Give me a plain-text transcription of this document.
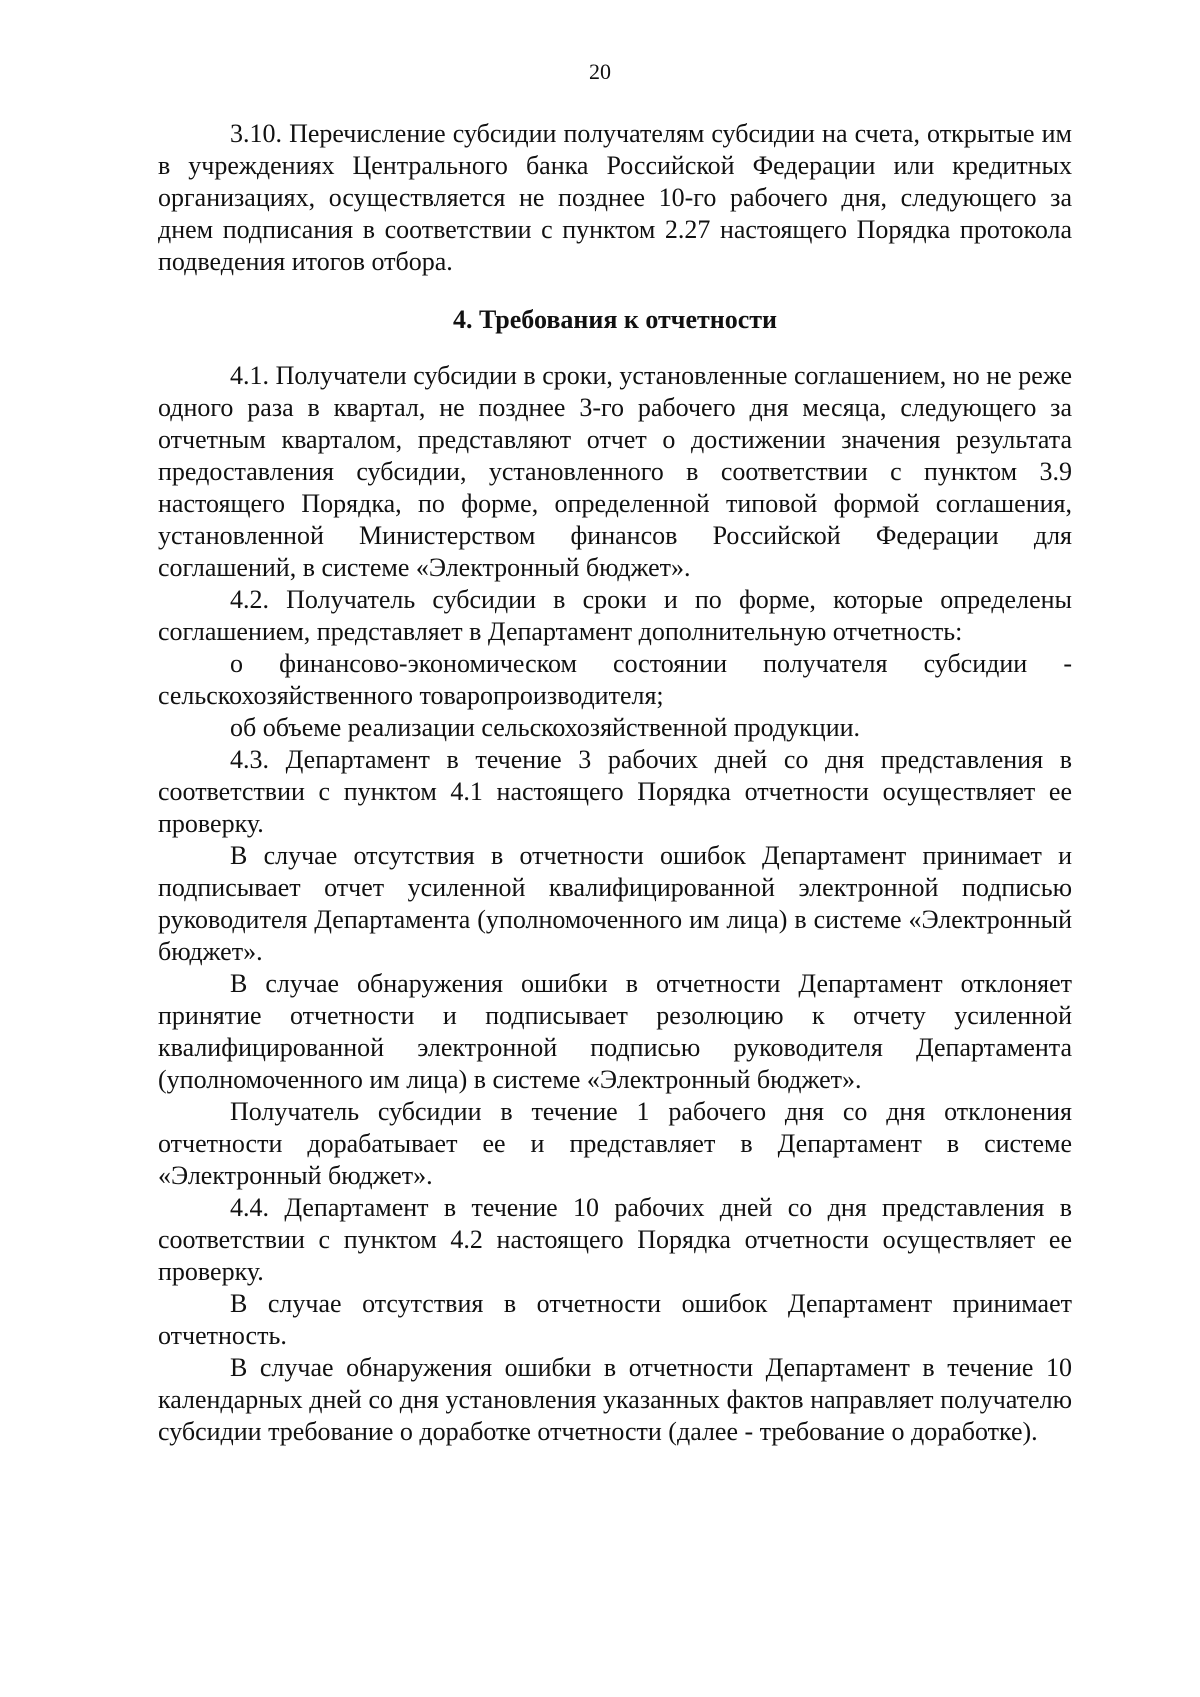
20

3.10. Перечисление субсидии получателям субсидии на счета, открытые им в учреждениях Центрального банка Российской Федерации или кредитных организациях, осуществляется не позднее 10-го рабочего дня, следующего за днем подписания в соответствии с пунктом 2.27 настоящего Порядка протокола подведения итогов отбора.

4. Требования к отчетности

4.1. Получатели субсидии в сроки, установленные соглашением, но не реже одного раза в квартал, не позднее 3-го рабочего дня месяца, следующего за отчетным кварталом, представляют отчет о достижении значения результата предоставления субсидии, установленного в соответствии с пунктом 3.9 настоящего Порядка, по форме, определенной типовой формой соглашения, установленной Министерством финансов Российской Федерации для соглашений, в системе «Электронный бюджет».

4.2. Получатель субсидии в сроки и по форме, которые определены соглашением, представляет в Департамент дополнительную отчетность:

о финансово-экономическом состоянии получателя субсидии - сельскохозяйственного товаропроизводителя;

об объеме реализации сельскохозяйственной продукции.

4.3. Департамент в течение 3 рабочих дней со дня представления в соответствии с пунктом 4.1 настоящего Порядка отчетности осуществляет ее проверку.

В случае отсутствия в отчетности ошибок Департамент принимает и подписывает отчет усиленной квалифицированной электронной подписью руководителя Департамента (уполномоченного им лица) в системе «Электронный бюджет».

В случае обнаружения ошибки в отчетности Департамент отклоняет принятие отчетности и подписывает резолюцию к отчету усиленной квалифицированной электронной подписью руководителя Департамента (уполномоченного им лица) в системе «Электронный бюджет».

Получатель субсидии в течение 1 рабочего дня со дня отклонения отчетности дорабатывает ее и представляет в Департамент в системе «Электронный бюджет».

4.4. Департамент в течение 10 рабочих дней со дня представления в соответствии с пунктом 4.2 настоящего Порядка отчетности осуществляет ее проверку.

В случае отсутствия в отчетности ошибок Департамент принимает отчетность.

В случае обнаружения ошибки в отчетности Департамент в течение 10 календарных дней со дня установления указанных фактов направляет получателю субсидии требование о доработке отчетности (далее - требование о доработке).
